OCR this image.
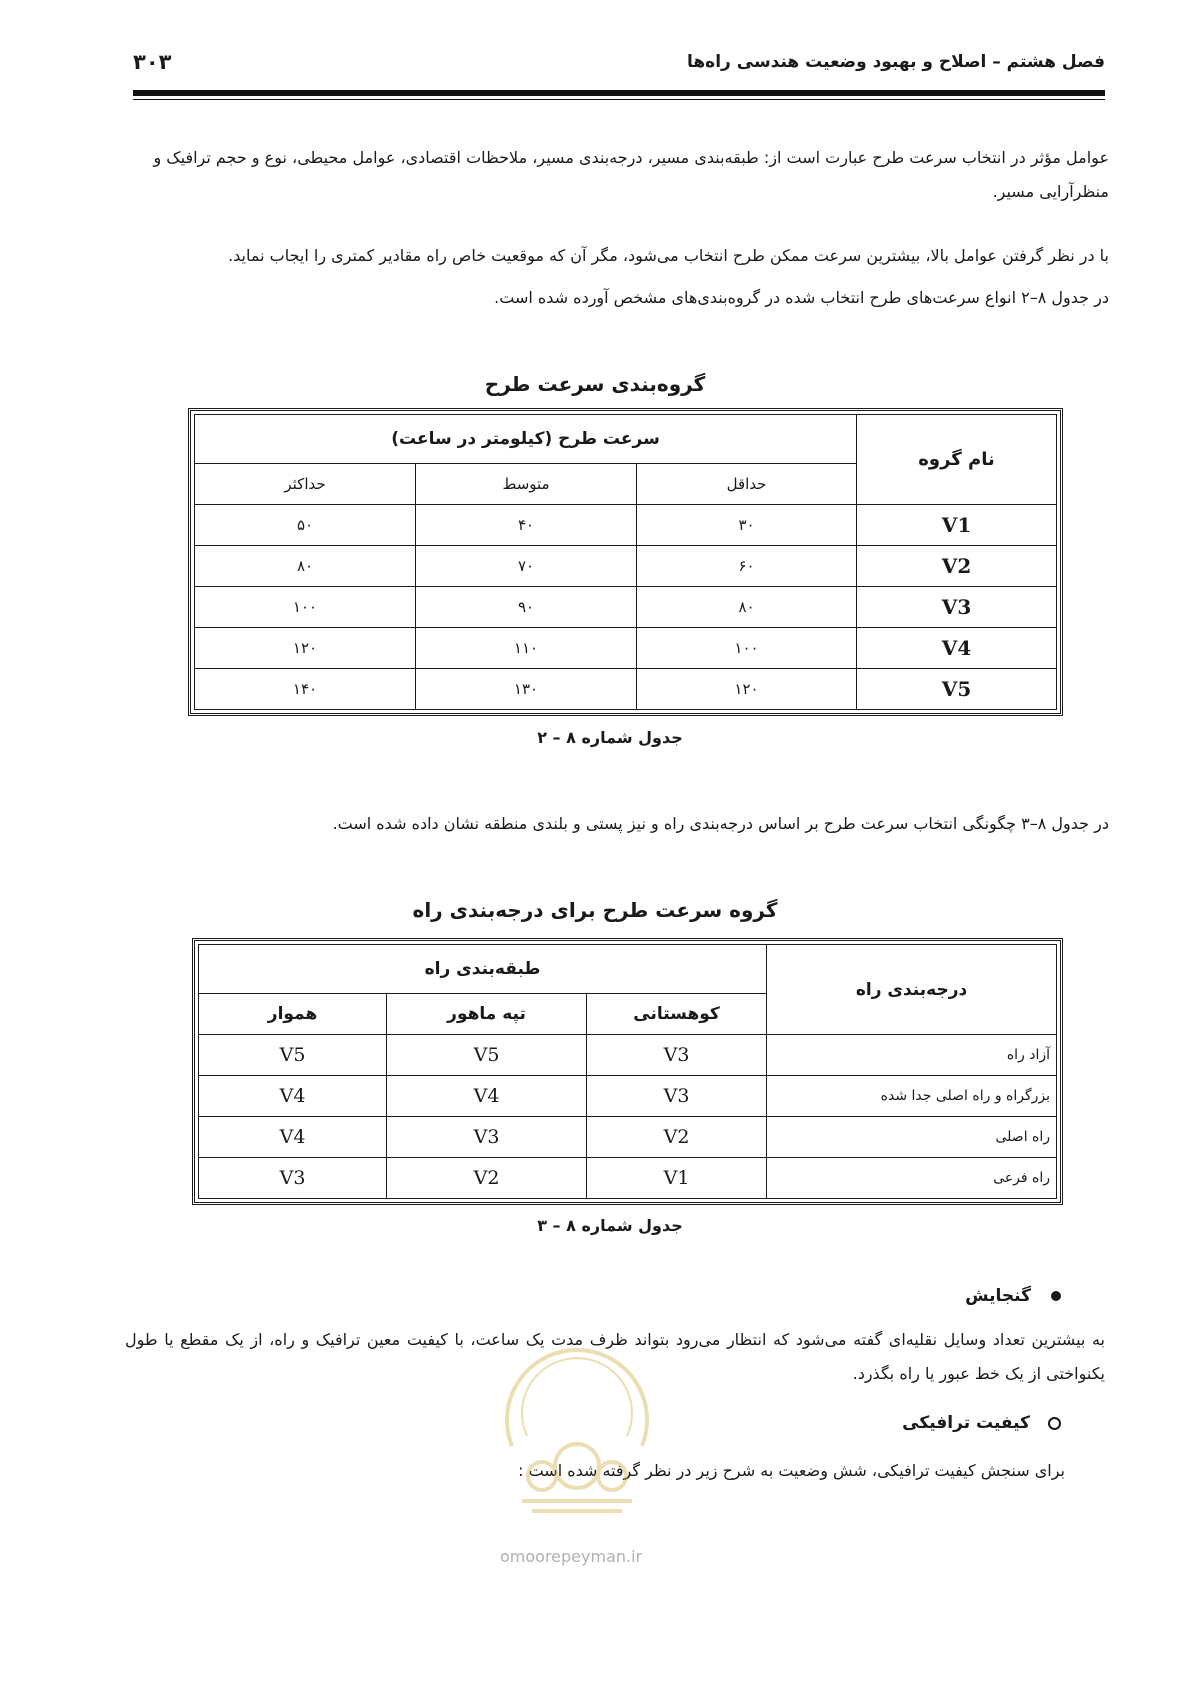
فصل هشتم – اصلاح و بهبود وضعیت هندسی راه‌ها
۳۰۳
عوامل مؤثر در انتخاب سرعت طرح عبارت است از: طبقه‌بندی مسیر، درجه‌بندی مسیر، ملاحظات اقتصادی، عوامل محیطی، نوع و حجم ترافیک و منظرآرایی مسیر.
با در نظر گرفتن عوامل بالا، بیشترین سرعت ممکن طرح انتخاب می‌شود، مگر آن که موقعیت خاص راه مقادیر کمتری را ایجاب نماید.
در جدول ۸–۲ انواع سرعت‌های طرح انتخاب شده در گروه‌بندی‌های مشخص آورده شده است.
گروه‌بندی سرعت طرح
نام گروه	سرعت طرح (کیلومتر در ساعت)		
	حداقل	متوسط	حداکثر
V1	۳۰	۴۰	۵۰
V2	۶۰	۷۰	۸۰
V3	۸۰	۹۰	۱۰۰
V4	۱۰۰	۱۱۰	۱۲۰
V5	۱۲۰	۱۳۰	۱۴۰
جدول شماره ۸ – ۲
در جدول ۸–۳ چگونگی انتخاب سرعت طرح بر اساس درجه‌بندی راه و نیز پستی و بلندی منطقه نشان داده شده است.
گروه سرعت طرح برای درجه‌بندی راه
درجه‌بندی راه	طبقه‌بندی راه		
	کوهستانی	تپه ماهور	هموار
آزاد راه	V3	V5	V5
بزرگراه و راه اصلی جدا شده	V3	V4	V4
راه اصلی	V2	V3	V4
راه فرعی	V1	V2	V3
جدول شماره ۸ – ۳
گنجایش
به بیشترین تعداد وسایل نقلیه‌ای گفته می‌شود که انتظار می‌رود بتواند ظرف مدت یک ساعت، با کیفیت معین ترافیک و راه، از یک مقطع یا طول یکنواختی از یک خط عبور یا راه بگذرد.
کیفیت ترافیکی
برای سنجش کیفیت ترافیکی، شش وضعیت به شرح زیر در نظر گرفته شده است :
omoorepeyman.ir
